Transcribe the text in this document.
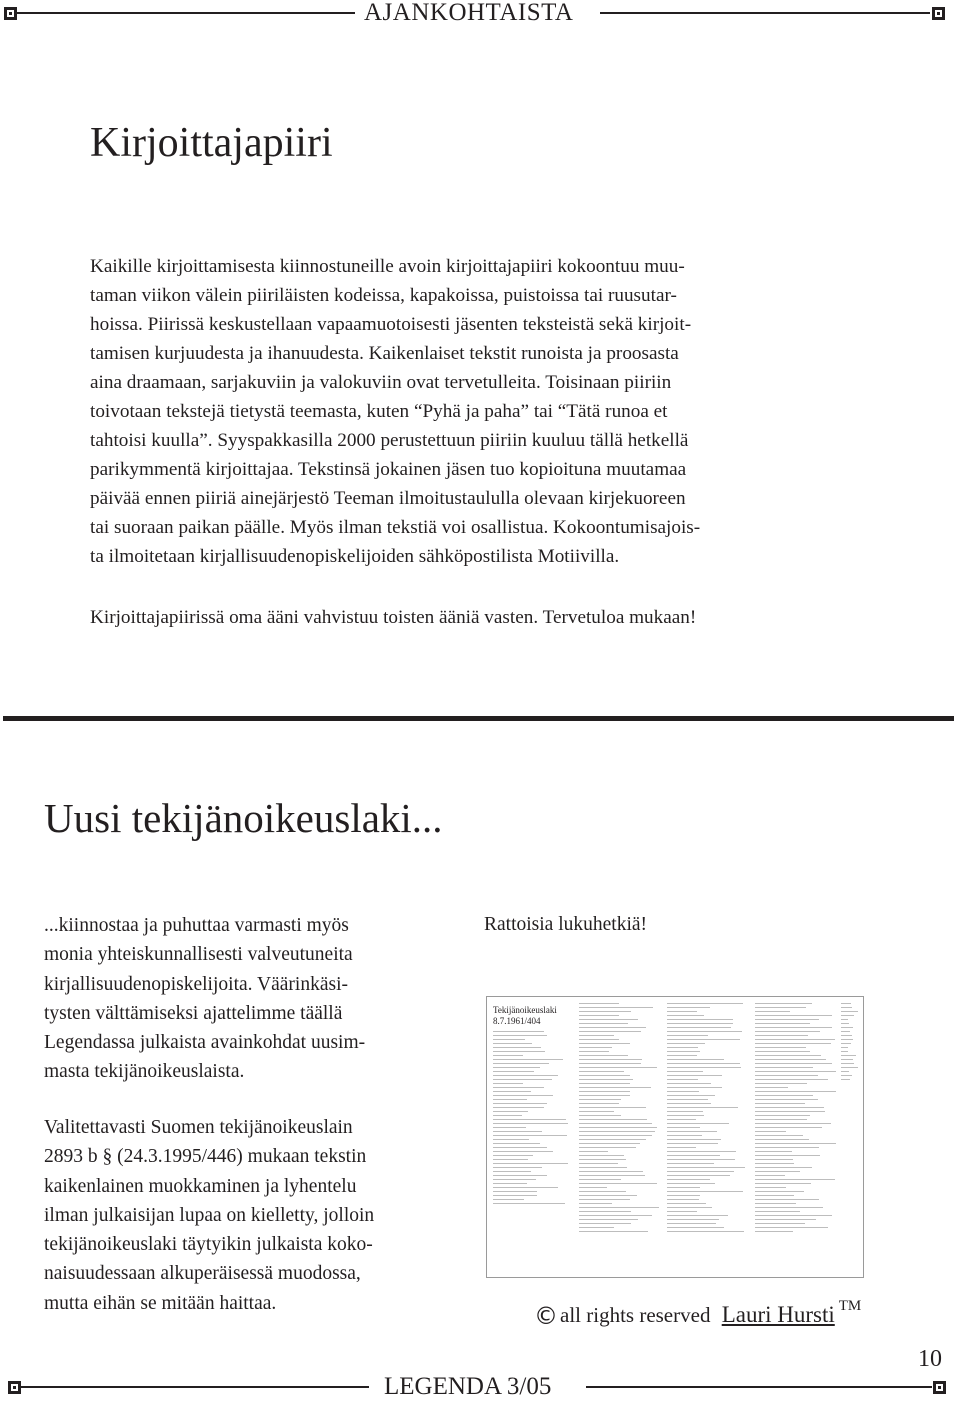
AJANKOHTAISTA
Kirjoittajapiiri

Kaikille kirjoittamisesta kiinnostuneille avoin kirjoittajapiiri kokoontuu muu-

taman viikon välein piiriläisten kodeissa, kapakoissa, puistoissa tai ruusutar-

hoissa. Piirissä keskustellaan vapaamuotoisesti jäsenten teksteistä sekä kirjoit-

tamisen kurjuudesta ja ihanuudesta. Kaikenlaiset tekstit runoista ja proosasta

aina draamaan, sarjakuviin ja valokuviin ovat tervetulleita. Toisinaan piiriin

toivotaan tekstejä tietystä teemasta, kuten “Pyhä ja paha” tai “Tätä runoa et

tahtoisi kuulla”. Syyspakkasilla 2000 perustettuun piiriin kuuluu tällä hetkellä

parikymmentä kirjoittajaa. Tekstinsä jokainen jäsen tuo kopioituna muutamaa

päivää ennen piiriä ainejärjestö Teeman ilmoitustaululla olevaan kirjekuoreen

tai suoraan paikan päälle. Myös ilman tekstiä voi osallistua. Kokoontumisajois-

ta ilmoitetaan kirjallisuudenopiskelijoiden sähköpostilista Motiivilla.

Kirjoittajapiirissä oma ääni vahvistuu toisten ääniä vasten. Tervetuloa mukaan!

Uusi tekijänoikeuslaki...

...kiinnostaa ja puhuttaa varmasti myös

monia yhteiskunnallisesti valveutuneita

kirjallisuudenopiskelijoita. Väärinkäsi-

tysten välttämiseksi ajattelimme täällä

Legendassa julkaista avainkohdat uusim-

masta tekijänoikeuslaista.

Valitettavasti Suomen tekijänoikeuslain

2893 b § (24.3.1995/446) mukaan tekstin

kaikenlainen muokkaminen ja lyhentelu

ilman julkaisijan lupaa on kielletty, jolloin

tekijänoikeuslaki täytyikin julkaista koko-

naisuudessaan alkuperäisessä muodossa,

mutta eihän se mitään haittaa.

Rattoisia lukuhetkiä!

Tekijänoikeuslaki
8.7.1961/404
©all rights reserved Lauri Hursti ™
10
LEGENDA 3/05
